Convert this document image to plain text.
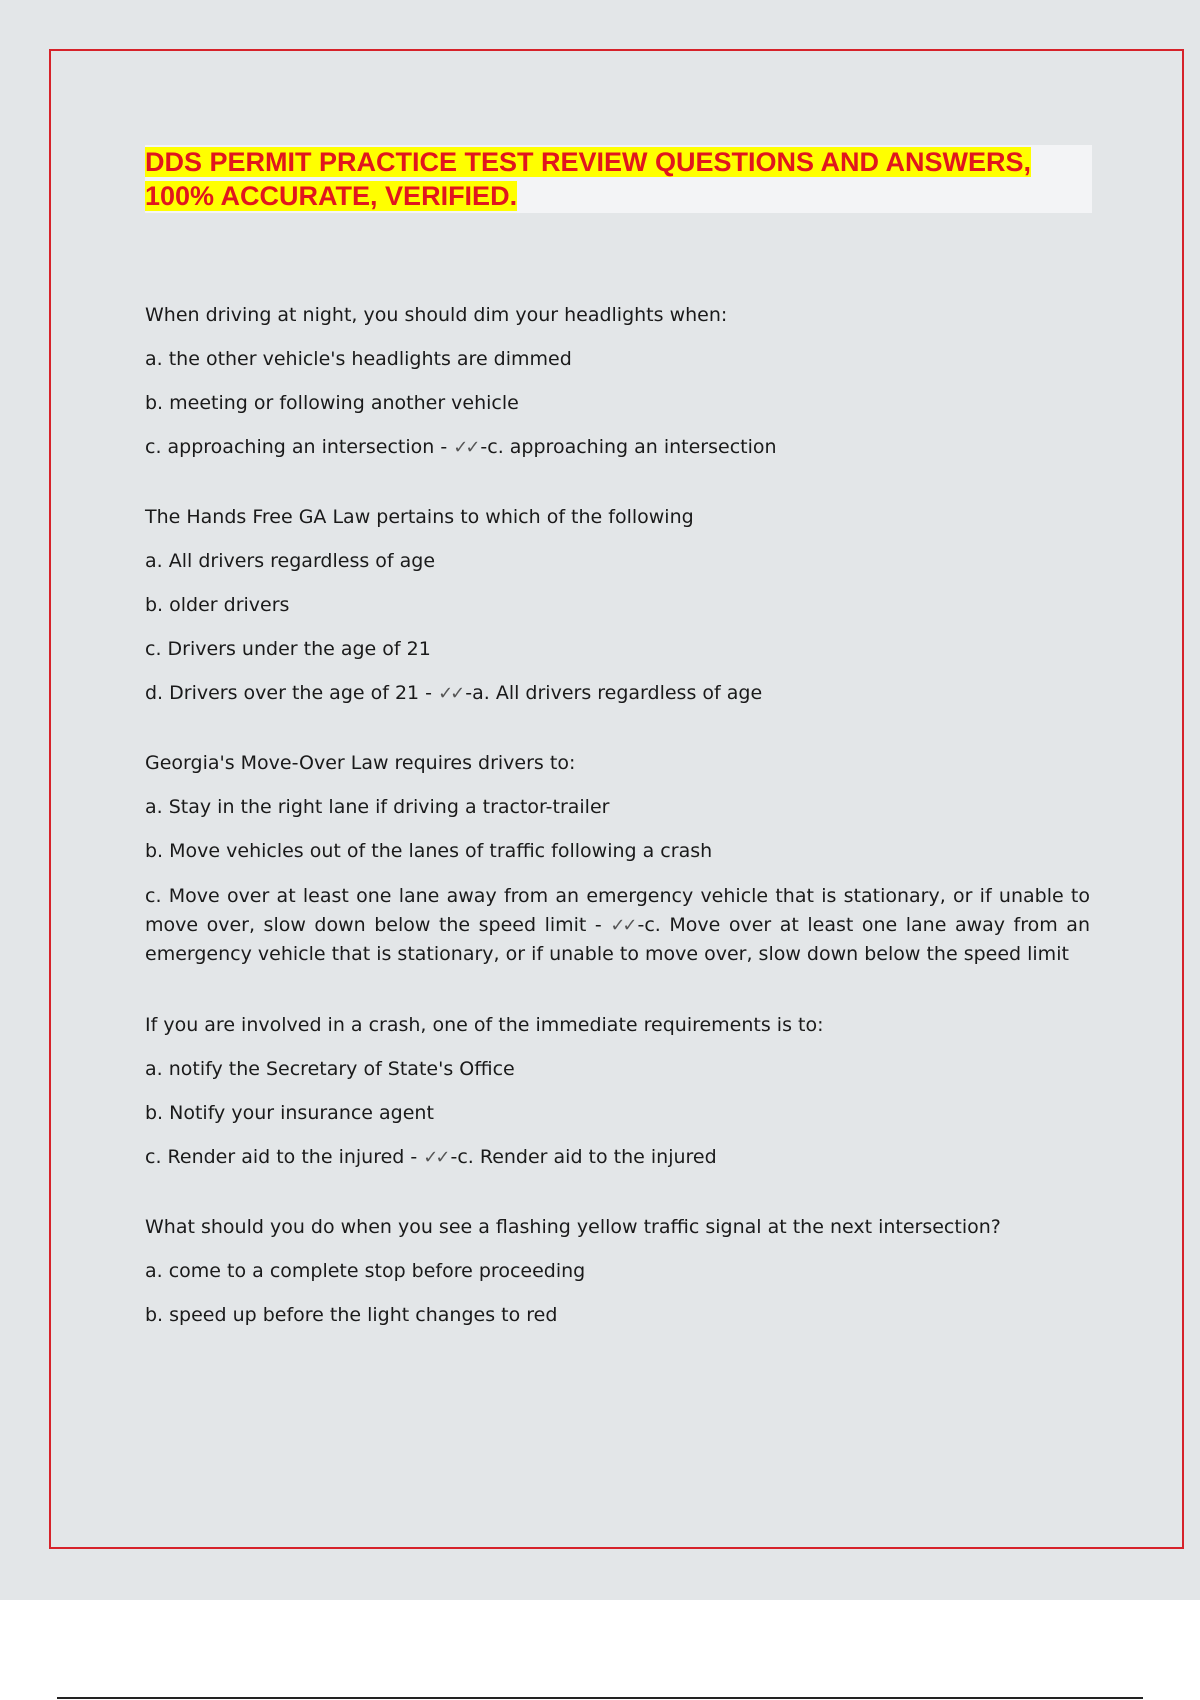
DDS PERMIT PRACTICE TEST REVIEW QUESTIONS AND ANSWERS,
100% ACCURATE, VERIFIED.
When driving at night, you should dim your headlights when:
a. the other vehicle's headlights are dimmed
b. meeting or following another vehicle
c. approaching an intersection - ✓✓ -c. approaching an intersection
The Hands Free GA Law pertains to which of the following
a. All drivers regardless of age
b. older drivers
c. Drivers under the age of 21
d. Drivers over the age of 21 - ✓✓ -a. All drivers regardless of age
Georgia's Move-Over Law requires drivers to:
a. Stay in the right lane if driving a tractor-trailer
b. Move vehicles out of the lanes of traffic following a crash
c. Move over at least one lane away from an emergency vehicle that is stationary, or if unable to move over, slow down below the speed limit - ✓✓ -c. Move over at least one lane away from an emergency vehicle that is stationary, or if unable to move over, slow down below the speed limit
If you are involved in a crash, one of the immediate requirements is to:
a. notify the Secretary of State's Office
b. Notify your insurance agent
c. Render aid to the injured - ✓✓ -c. Render aid to the injured
What should you do when you see a flashing yellow traffic signal at the next intersection?
a. come to a complete stop before proceeding
b. speed up before the light changes to red
